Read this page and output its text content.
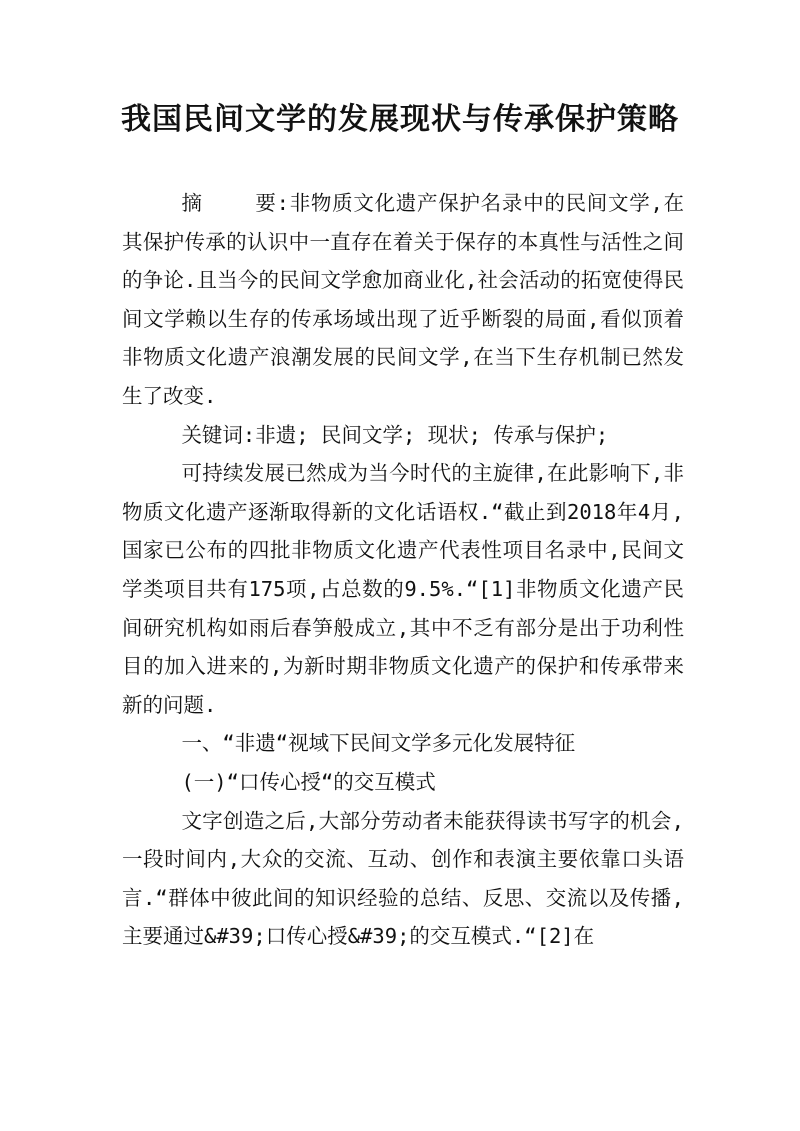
我国民间文学的发展现状与传承保护策略

摘	要:非物质文化遗产保护名录中的民间文学,在其保护传承的认识中一直存在着关于保存的本真性与活性之间的争论.且当今的民间文学愈加商业化,社会活动的拓宽使得民间文学赖以生存的传承场域出现了近乎断裂的局面,看似顶着非物质文化遗产浪潮发展的民间文学,在当下生存机制已然发生了改变.

关键词:非遗; 民间文学; 现状; 传承与保护;

可持续发展已然成为当今时代的主旋律,在此影响下,非物质文化遗产逐渐取得新的文化话语权.“截止到2018年4月,国家已公布的四批非物质文化遗产代表性项目名录中,民间文学类项目共有175项,占总数的9.5%.“[1]非物质文化遗产民间研究机构如雨后春笋般成立,其中不乏有部分是出于功利性目的加入进来的,为新时期非物质文化遗产的保护和传承带来新的问题.

一、“非遗“视域下民间文学多元化发展特征

(一)“口传心授“的交互模式

文字创造之后,大部分劳动者未能获得读书写字的机会,一段时间内,大众的交流、互动、创作和表演主要依靠口头语言.“群体中彼此间的知识经验的总结、反思、交流以及传播,主要通过&#39;口传心授&#39;的交互模式.“[2]在
